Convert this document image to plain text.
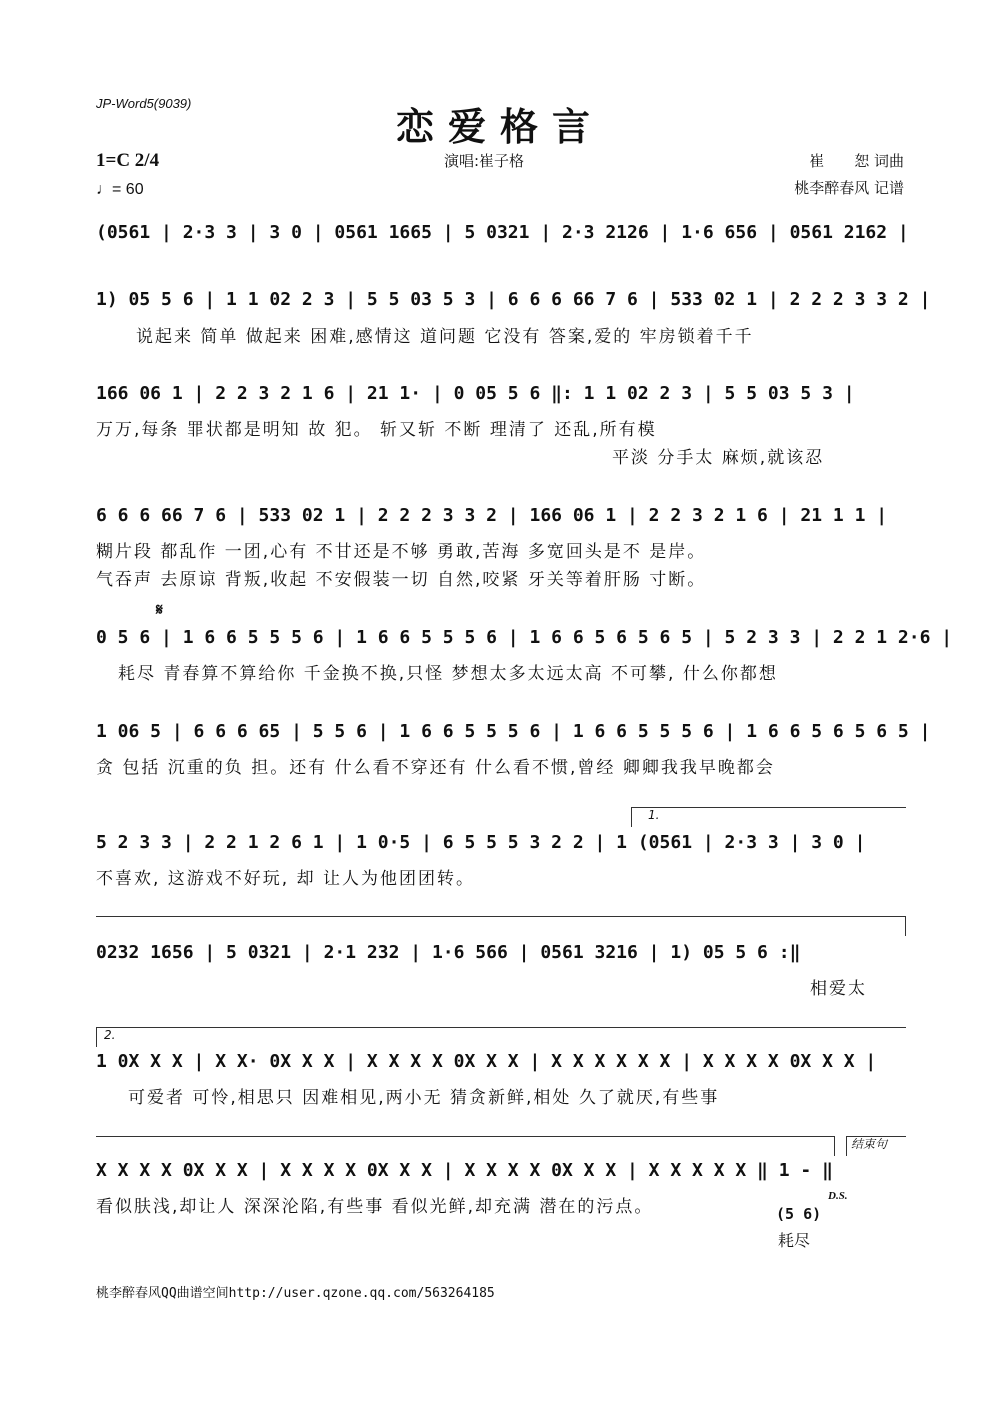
JP-Word5(9039)
恋爱格言
1=C 2/4
♩= 60
演唱:崔子格	崔　　恕 词曲
桃李醉春风 记谱
(0561 | 2·3 3 | 3 0 | 0561 1665 | 5 0321 | 2·3 2126 | 1·6 656 | 0561 2162 |
1) 05 5 6 | 1 1 02 2 3 | 5 5 03 5 3 | 6 6 6 66 7 6 | 533 02 1 | 2 2 2 3 3 2 |
说起来 简单 做起来 困难,感情这 道问题 它没有 答案,爱的 牢房锁着千千
166 06 1 | 2 2 3 2 1 6 | 21 1· | 0 05 5 6 ‖: 1 1 02 2 3 | 5 5 03 5 3 |
万万,每条 罪状都是明知 故 犯。 斩又斩 不断 理清了 还乱,所有模
平淡 分手太 麻烦,就该忍
6 6 6 66 7 6 | 533 02 1 | 2 2 2 3 3 2 | 166 06 1 | 2 2 3 2 1 6 | 21 1 1 |
糊片段 都乱作 一团,心有 不甘还是不够 勇敢,苦海 多宽回头是不 是岸。
气吞声 去原谅 背叛,收起 不安假装一切 自然,咬紧 牙关等着肝肠 寸断。
𝄋
0 5 6 | 1 6 6 5 5 5 6 | 1 6 6 5 5 5 6 | 1 6 6 5 6 5 6 5 | 5 2 3 3 | 2 2 1 2·6 |
耗尽 青春算不算给你 千金换不换,只怪 梦想太多太远太高 不可攀, 什么你都想
1 06 5 | 6 6 6 65 | 5 5 6 | 1 6 6 5 5 5 6 | 1 6 6 5 5 5 6 | 1 6 6 5 6 5 6 5 |
贪 包括 沉重的负 担。还有 什么看不穿还有 什么看不惯,曾经 卿卿我我早晚都会
1.
5 2 3 3 | 2 2 1 2 6 1 | 1 0·5 | 6 5 5 5 3 2 2 | 1 (0561 | 2·3 3 | 3 0 |
不喜欢, 这游戏不好玩, 却 让人为他团团转。
0232 1656 | 5 0321 | 2·1 232 | 1·6 566 | 0561 3216 | 1) 05 5 6 :‖
相爱太
2.
1 0X X X | X X· 0X X X | X X X X 0X X X | X X X X X X | X X X X 0X X X |
可爱者 可怜,相思只 因难相见,两小无 猜贪新鲜,相处 久了就厌,有些事
结束句
X X X X 0X X X | X X X X 0X X X | X X X X 0X X X | X X X X X ‖ 1 - ‖
看似肤浅,却让人 深深沦陷,有些事 看似光鲜,却充满 潜在的污点。
D.S.
(5 6)
耗尽
桃李醉春风QQ曲谱空间http://user.qzone.qq.com/563264185
